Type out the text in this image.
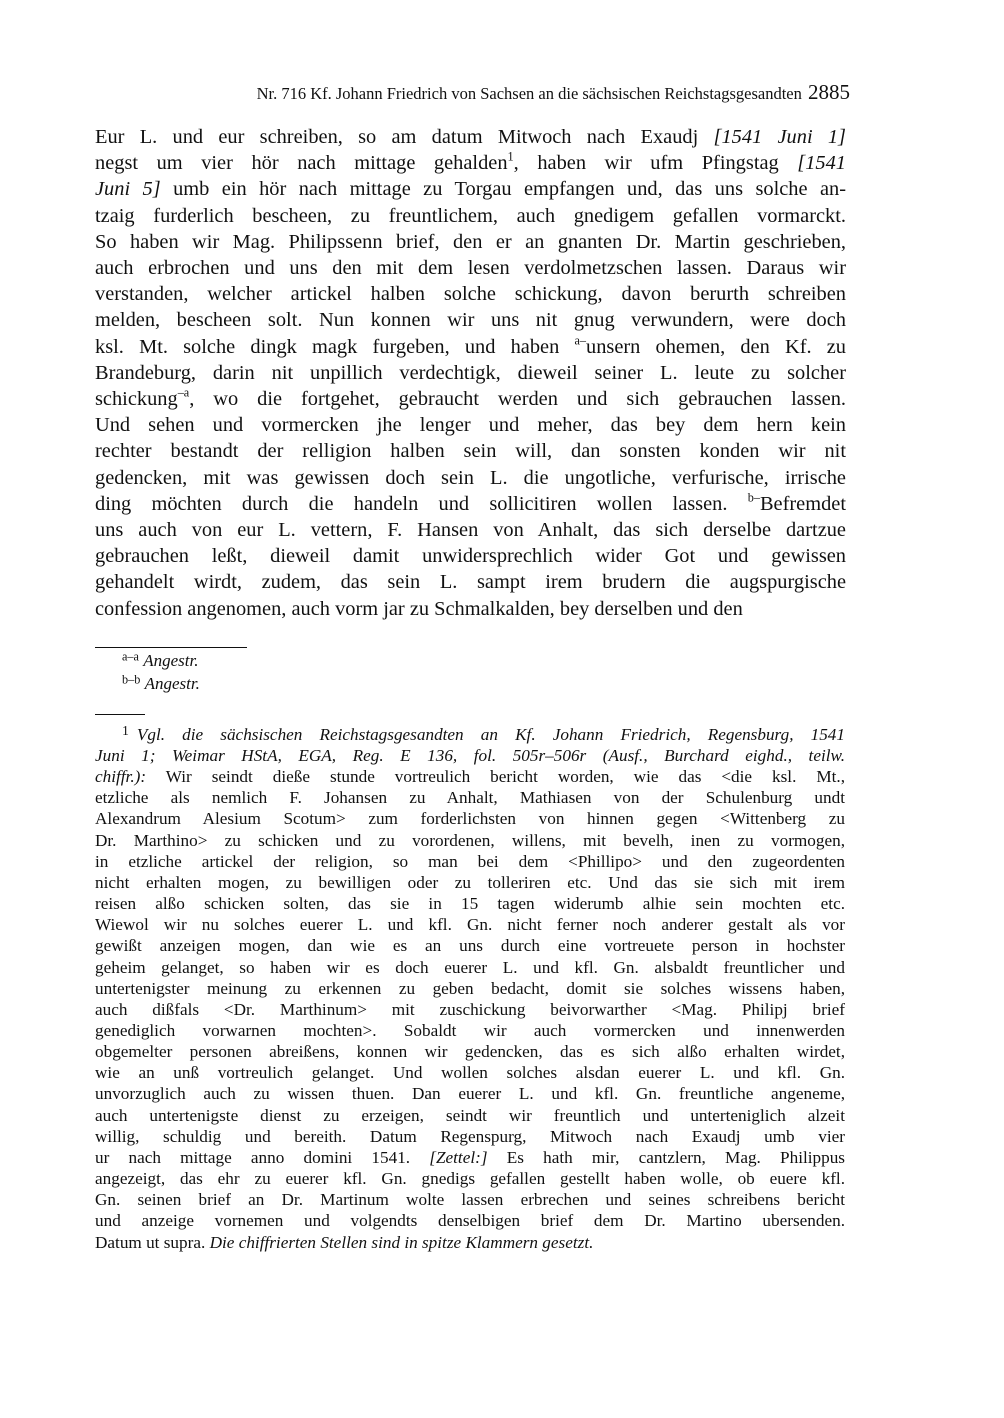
Nr. 716 Kf. Johann Friedrich von Sachsen an die sächsischen Reichstagsgesandten 2885
Eur L. und eur schreiben, so am datum Mitwoch nach Exaudj [1541 Juni 1]
negst um vier hör nach mittage gehalden$^1$, haben wir ufm Pfingstag [1541
Juni 5] umb ein hör nach mittage zu Torgau empfangen und, das uns solche an-
tzaig furderlich bescheen, zu freuntlichem, auch gnedigem gefallen vormarckt.
So haben wir Mag. Philipssenn brief, den er an gnanten Dr. Martin geschrieben,
auch erbrochen und uns den mit dem lesen verdolmetzschen lassen. Daraus wir
verstanden, welcher artickel halben solche schickung, davon berurth schreiben
melden, bescheen solt. Nun konnen wir uns nit gnug verwundern, were doch
ksl. Mt. solche dingk magk furgeben, und haben $^{a-}$unsern ohemen, den Kf. zu
Brandeburg, darin nit unpillich verdechtigk, dieweil seiner L. leute zu solcher
schickung$^{-a}$, wo die fortgehet, gebraucht werden und sich gebrauchen lassen.
Und sehen und vormercken jhe lenger und meher, das bey dem hern kein
rechter bestandt der relligion halben sein will, dan sonsten konden wir nit
gedencken, mit was gewissen doch sein L. die ungotliche, verfurische, irrische
ding möchten durch die handeln und sollicitiren wollen lassen. $^{b-}$Befremdet
uns auch von eur L. vettern, F. Hansen von Anhalt, das sich derselbe dartzue
gebrauchen leßt, dieweil damit unwidersprechlich wider Got und gewissen
gehandelt wirdt, zudem, das sein L. sampt irem brudern die augspurgische
confession angenomen, auch vorm jar zu Schmalkalden, bey derselben und den
$^{a-a}$ Angestr.
$^{b-b}$ Angestr.
$^1$ Vgl. die sächsischen Reichstagsgesandten an Kf. Johann Friedrich, Regensburg, 1541
Juni 1; Weimar HStA, EGA, Reg. E 136, fol. 505r–506r (Ausf., Burchard eighd., teilw.
chiffr.): Wir seindt dieße stunde vortreulich bericht worden, wie das <die ksl. Mt.,
etzliche als nemlich F. Johansen zu Anhalt, Mathiasen von der Schulenburg undt
Alexandrum Alesium Scotum> zum forderlichsten von hinnen gegen <Wittenberg zu
Dr. Marthino> zu schicken und zu vorordenen, willens, mit bevelh, inen zu vormogen,
in etzliche artickel der religion, so man bei dem <Phillipo> und den zugeordenten
nicht erhalten mogen, zu bewilligen oder zu tolleriren etc. Und das sie sich mit irem
reisen alßo schicken solten, das sie in 15 tagen widerumb alhie sein mochten etc.
Wiewol wir nu solches euerer L. und kfl. Gn. nicht ferner noch anderer gestalt als vor
gewißt anzeigen mogen, dan wie es an uns durch eine vortreuete person in hochster
geheim gelanget, so haben wir es doch euerer L. und kfl. Gn. alsbaldt freuntlicher und
untertenigster meinung zu erkennen zu geben bedacht, domit sie solches wissens haben,
auch dißfals <Dr. Marthinum> mit zuschickung beivorwarther <Mag. Philipj brief
genediglich vorwarnen mochten>. Sobaldt wir auch vormercken und innenwerden
obgemelter personen abreißens, konnen wir gedencken, das es sich alßo erhalten wirdet,
wie an unß vortreulich gelanget. Und wollen solches alsdan euerer L. und kfl. Gn.
unvorzuglich auch zu wissen thuen. Dan euerer L. und kfl. Gn. freuntliche angeneme,
auch untertenigste dienst zu erzeigen, seindt wir freuntlich und unterteniglich alzeit
willig, schuldig und bereith. Datum Regenspurg, Mitwoch nach Exaudj umb vier
ur nach mittage anno domini 1541. [Zettel:] Es hath mir, cantzlern, Mag. Philippus
angezeigt, das ehr zu euerer kfl. Gn. gnedigs gefallen gestellt haben wolle, ob euere kfl.
Gn. seinen brief an Dr. Martinum wolte lassen erbrechen und seines schreibens bericht
und anzeige vornemen und volgendts denselbigen brief dem Dr. Martino ubersenden.
Datum ut supra. Die chiffrierten Stellen sind in spitze Klammern gesetzt.
